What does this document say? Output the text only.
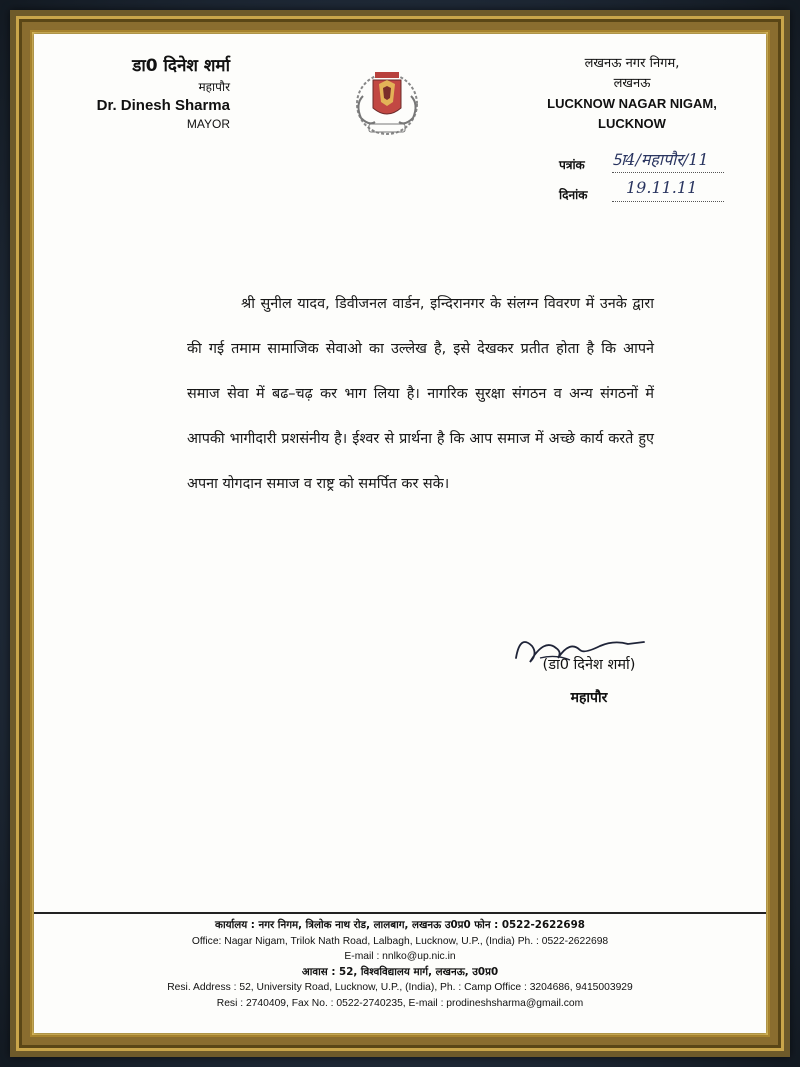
डा0 दिनेश शर्मा
महापौर
Dr. Dinesh Sharma
MAYOR
लखनऊ नगर निगम,
लखनऊ
LUCKNOW NAGAR NIGAM,
LUCKNOW
पत्रांक 5ा4/महापौर/11
दिनांक	19.11.11

श्री सुनील यादव, डिवीजनल वार्डन, इन्दिरानगर के संलग्न विवरण में उनके द्वारा की गई तमाम सामाजिक सेवाओ का उल्लेख है, इसे देखकर प्रतीत होता है कि आपने समाज सेवा में बढ–चढ़ कर भाग लिया है। नागरिक सुरक्षा संगठन व अन्य संगठनों में आपकी भागीदारी प्रशसंनीय है। ईश्वर से प्रार्थना है कि आप समाज में अच्छे कार्य करते हुए अपना योगदान समाज व राष्ट्र को समर्पित कर सके।

(डा0 दिनेश शर्मा)
महापौर
कार्यालय : नगर निगम, त्रिलोक नाथ रोड, लालबाग, लखनऊ उ0प्र0 फोन : 0522-2622698
Office: Nagar Nigam, Trilok Nath Road, Lalbagh, Lucknow, U.P., (India) Ph. : 0522-2622698
E-mail : nnlko@up.nic.in
आवास : 52, विश्वविद्यालय मार्ग, लखनऊ, उ0प्र0
Resi. Address : 52, University Road, Lucknow, U.P., (India), Ph. : Camp Office : 3204686, 9415003929
Resi : 2740409, Fax No. : 0522-2740235, E-mail : prodineshsharma@gmail.com
